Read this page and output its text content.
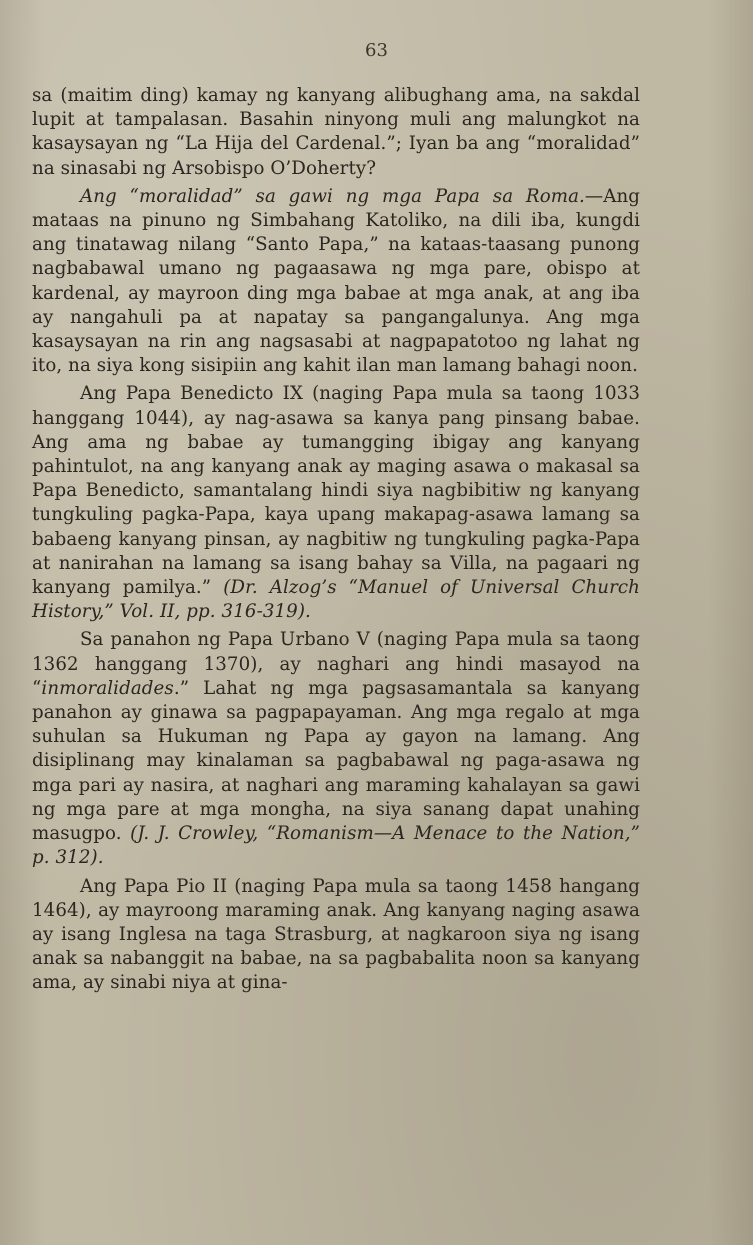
63

sa (maitim ding) kamay ng kanyang alibughang ama, na sakdal lupit at tampalasan. Basahin ninyong muli ang malungkot na kasaysayan ng “La Hija del Cardenal.”; Iyan ba ang “moralidad” na sinasabi ng Arsobispo O’Doherty?

Ang “moralidad” sa gawi ng mga Papa sa Roma.—Ang mataas na pinuno ng Simbahang Katoliko, na dili iba, kungdi ang tinatawag nilang “Santo Papa,” na kataas-taasang punong nagbabawal umano ng pagaasawa ng mga pare, obispo at kardenal, ay mayroon ding mga babae at mga anak, at ang iba ay nangahuli pa at napatay sa pangangalunya. Ang mga kasaysayan na rin ang nagsasabi at nagpapatotoo ng lahat ng ito, na siya kong sisipiin ang kahit ilan man lamang bahagi noon.

Ang Papa Benedicto IX (naging Papa mula sa taong 1033 hanggang 1044), ay nag-asawa sa kanya pang pinsang babae. Ang ama ng babae ay tumangging ibigay ang kanyang pahintulot, na ang kanyang anak ay maging asawa o makasal sa Papa Benedicto, samantalang hindi siya nagbibitiw ng kanyang tungkuling pagka-Papa, kaya upang makapag-asawa lamang sa babaeng kanyang pinsan, ay nagbitiw ng tungkuling pagka-Papa at nanirahan na lamang sa isang bahay sa Villa, na pagaari ng kanyang pamilya.” (Dr. Alzog’s “Manuel of Universal Church History,” Vol. II, pp. 316-319).

Sa panahon ng Papa Urbano V (naging Papa mula sa taong 1362 hanggang 1370), ay naghari ang hindi masayod na “inmoralidades.” Lahat ng mga pagsasamantala sa kanyang panahon ay ginawa sa pagpapayaman. Ang mga regalo at mga suhulan sa Hukuman ng Papa ay gayon na lamang. Ang disiplinang may kinalaman sa pagbabawal ng paga-asawa ng mga pari ay nasira, at naghari ang maraming kahalayan sa gawi ng mga pare at mga mongha, na siya sanang dapat unahing masugpo. (J. J. Crowley, “Romanism—A Menace to the Nation,” p. 312).

Ang Papa Pio II (naging Papa mula sa taong 1458 hangang 1464), ay mayroong maraming anak. Ang kanyang naging asawa ay isang Inglesa na taga Strasburg, at nagkaroon siya ng isang anak sa nabanggit na babae, na sa pagbabalita noon sa kanyang ama, ay sinabi niya at gina-
